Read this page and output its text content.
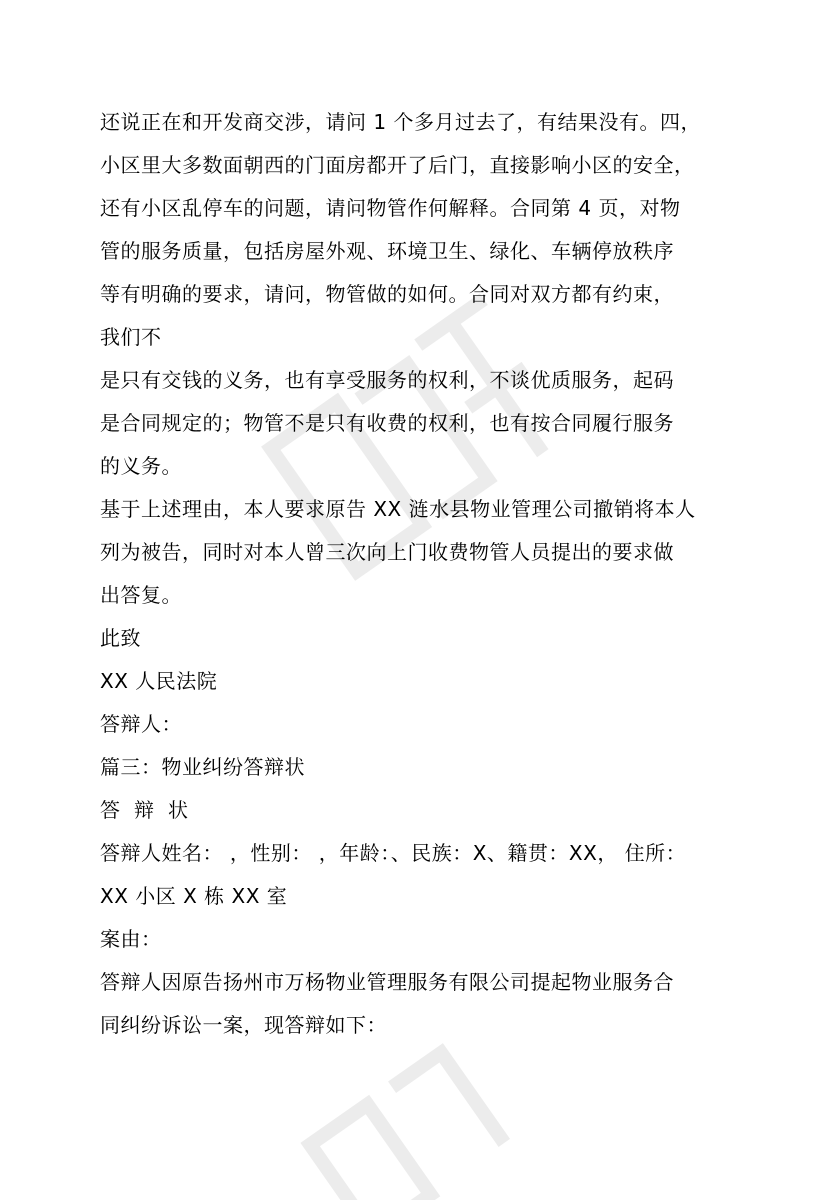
还说正在和开发商交涉，请问 1 个多月过去了，有结果没有。四，
小区里大多数面朝西的门面房都开了后门，直接影响小区的安全，
还有小区乱停车的问题，请问物管作何解释。合同第 4 页，对物
管的服务质量，包括房屋外观、环境卫生、绿化、车辆停放秩序
等有明确的要求，请问，物管做的如何。合同对双方都有约束，
我们不
是只有交钱的义务，也有享受服务的权利，不谈优质服务，起码
是合同规定的；物管不是只有收费的权利，也有按合同履行服务
的义务。
基于上述理由，本人要求原告 XX 涟水县物业管理公司撤销将本人
列为被告，同时对本人曾三次向上门收费物管人员提出的要求做
出答复。
此致
XX 人民法院
答辩人：
篇三：物业纠纷答辩状
答辩状
答辩人姓名： ，性别： ，年龄：、民族：X、籍贯：XX， 住所：
XX 小区 X 栋 XX 室
案由：
答辩人因原告扬州市万杨物业管理服务有限公司提起物业服务合
同纠纷诉讼一案，现答辩如下：
